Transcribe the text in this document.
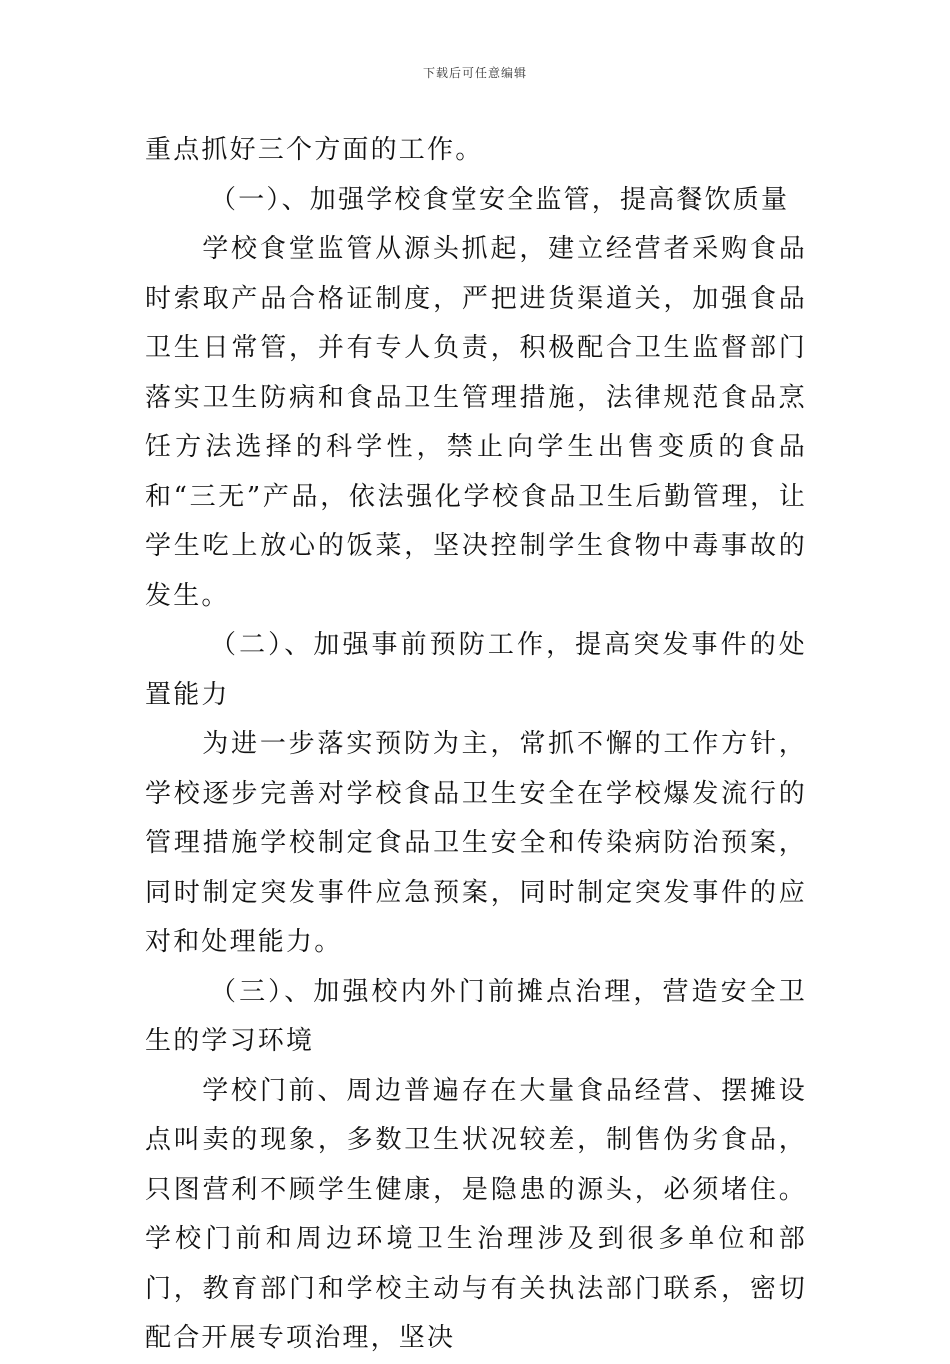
下载后可任意编辑

重点抓好三个方面的工作。

（一）、加强学校食堂安全监管，提高餐饮质量

学校食堂监管从源头抓起，建立经营者采购食品时索取产品合格证制度，严把进货渠道关，加强食品卫生日常管，并有专人负责，积极配合卫生监督部门落实卫生防病和食品卫生管理措施，法律规范食品烹饪方法选择的科学性，禁止向学生出售变质的食品和“三无”产品，依法强化学校食品卫生后勤管理，让学生吃上放心的饭菜，坚决控制学生食物中毒事故的发生。

（二）、加强事前预防工作，提高突发事件的处置能力

为进一步落实预防为主，常抓不懈的工作方针，学校逐步完善对学校食品卫生安全在学校爆发流行的管理措施学校制定食品卫生安全和传染病防治预案，同时制定突发事件应急预案，同时制定突发事件的应对和处理能力。

（三）、加强校内外门前摊点治理，营造安全卫生的学习环境

学校门前、周边普遍存在大量食品经营、摆摊设点叫卖的现象，多数卫生状况较差，制售伪劣食品，只图营利不顾学生健康，是隐患的源头，必须堵住。学校门前和周边环境卫生治理涉及到很多单位和部门，教育部门和学校主动与有关执法部门联系，密切配合开展专项治理，坚决
